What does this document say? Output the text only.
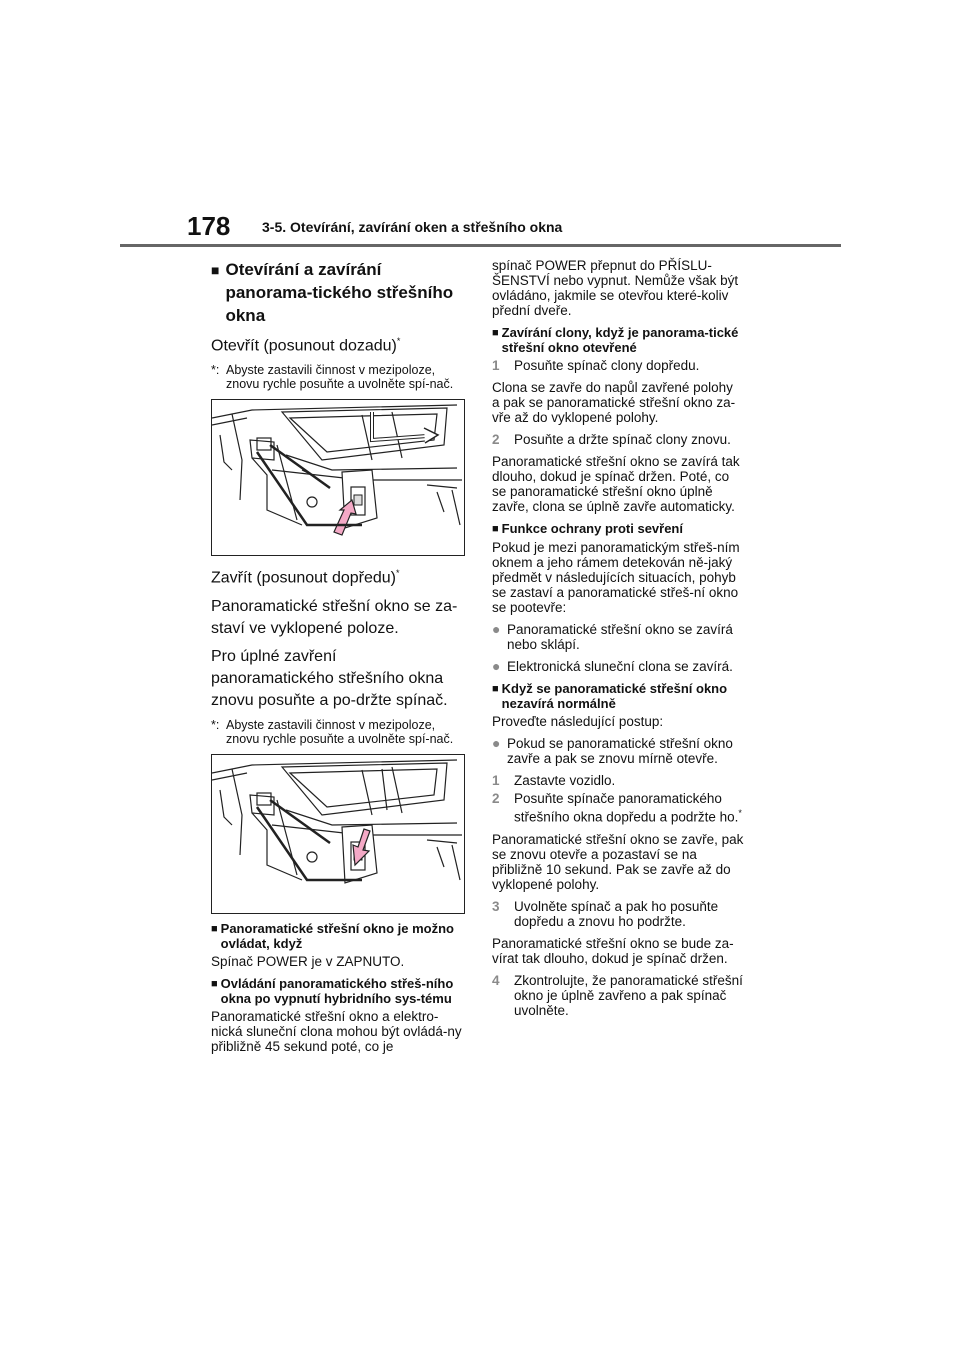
178 3-5. Otevírání, zavírání oken a střešního okna
■ Otevírání a zavírání panorama-tického střešního okna

Otevřít (posunout dozadu)*

*: Abyste zastavili činnost v mezipoloze, znovu rychle posuňte a uvolněte spí-nač.

Zavřít (posunout dopředu)*

Panoramatické střešní okno se za-staví ve vyklopené poloze.

Pro úplné zavření panoramatického střešního okna znovu posuňte a po-držte spínač.

*: Abyste zastavili činnost v mezipoloze, znovu rychle posuňte a uvolněte spí-nač.
■ Panoramatické střešní okno je možno ovládat, když

Spínač POWER je v ZAPNUTO.

■ Ovládání panoramatického střeš-ního okna po vypnutí hybridního sys-tému

Panoramatické střešní okno a elektro-nická sluneční clona mohou být ovládá-ny přibližně 45 sekund poté, co je

spínač POWER přepnut do PŘÍSLU-ŠENSTVÍ nebo vypnut. Nemůže však být ovládáno, jakmile se otevřou které-koliv přední dveře.

■ Zavírání clony, když je panorama-tické střešní okno otevřené
1	Posuňte spínač clony dopředu.

Clona se zavře do napůl zavřené polohy a pak se panoramatické střešní okno za-vře až do vyklopené polohy.

2	Posuňte a držte spínač clony znovu.

Panoramatické střešní okno se zavírá tak dlouho, dokud je spínač držen. Poté, co se panoramatické střešní okno úplně zavře, clona se úplně zavře automaticky.

■ Funkce ochrany proti sevření

Pokud je mezi panoramatickým střeš-ním oknem a jeho rámem detekován ně-jaký předmět v následujících situacích, pohyb se zastaví a panoramatické střeš-ní okno se pootevře:

● Panoramatické střešní okno se zavírá nebo sklápí.
● Elektronická sluneční clona se zavírá.
■ Když se panoramatické střešní okno nezavírá normálně

Proveďte následující postup:

● Pokud se panoramatické střešní okno zavře a pak se znovu mírně otevře.
1	Zastavte vozidlo.
2	Posuňte spínače panoramatického střešního okna dopředu a podržte ho.*

Panoramatické střešní okno se zavře, pak se znovu otevře a pozastaví se na přibližně 10 sekund. Pak se zavře až do vyklopené polohy.

3	Uvolněte spínač a pak ho posuňte dopředu a znovu ho podržte.

Panoramatické střešní okno se bude za-vírat tak dlouho, dokud je spínač držen.

4	Zkontrolujte, že panoramatické střešní okno je úplně zavřeno a pak spínač uvolněte.
